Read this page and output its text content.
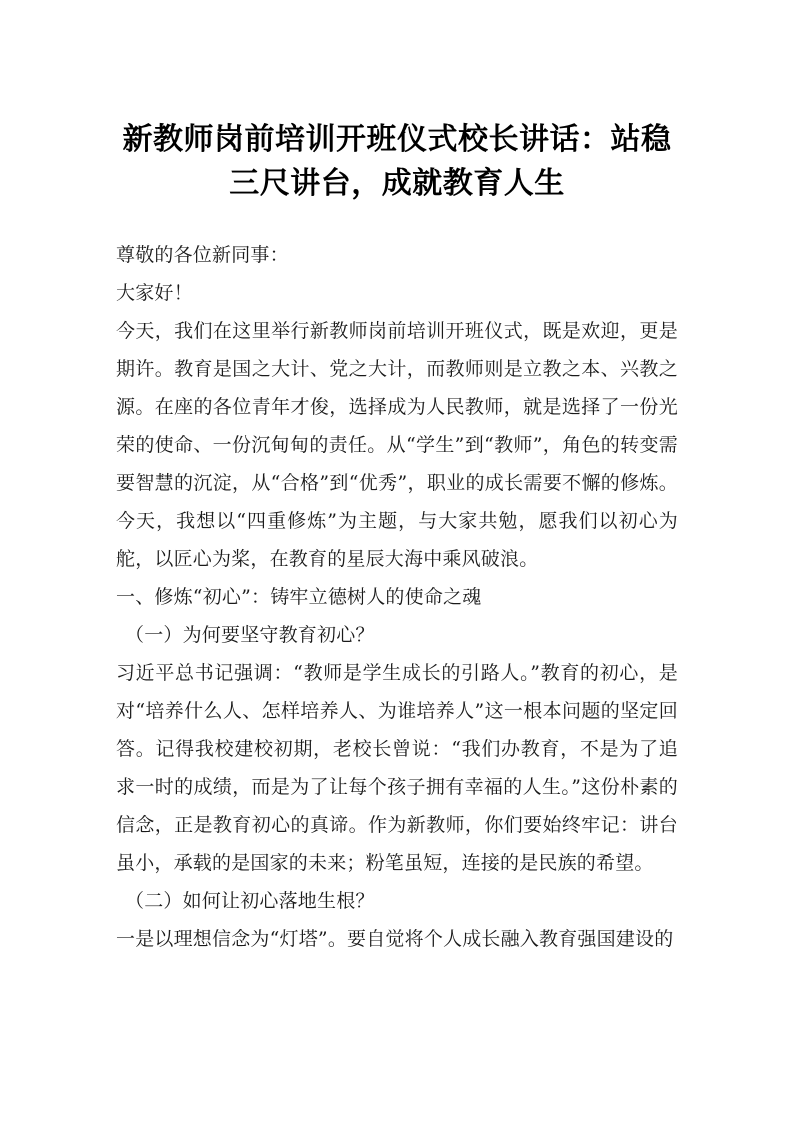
新教师岗前培训开班仪式校长讲话：站稳三尺讲台，成就教育人生

尊敬的各位新同事：

大家好！

今天，我们在这里举行新教师岗前培训开班仪式，既是欢迎，更是期许。教育是国之大计、党之大计，而教师则是立教之本、兴教之源。在座的各位青年才俊，选择成为人民教师，就是选择了一份光荣的使命、一份沉甸甸的责任。从“学生”到“教师”，角色的转变需要智慧的沉淀，从“合格”到“优秀”，职业的成长需要不懈的修炼。今天，我想以“四重修炼”为主题，与大家共勉，愿我们以初心为舵，以匠心为桨，在教育的星辰大海中乘风破浪。

一、修炼“初心”：铸牢立德树人的使命之魂

（一）为何要坚守教育初心？

习近平总书记强调：“教师是学生成长的引路人。”教育的初心，是对“培养什么人、怎样培养人、为谁培养人”这一根本问题的坚定回答。记得我校建校初期，老校长曾说：“我们办教育，不是为了追求一时的成绩，而是为了让每个孩子拥有幸福的人生。”这份朴素的信念，正是教育初心的真谛。作为新教师，你们要始终牢记：讲台虽小，承载的是国家的未来；粉笔虽短，连接的是民族的希望。

（二）如何让初心落地生根？

一是以理想信念为“灯塔”。要自觉将个人成长融入教育强国建设的
